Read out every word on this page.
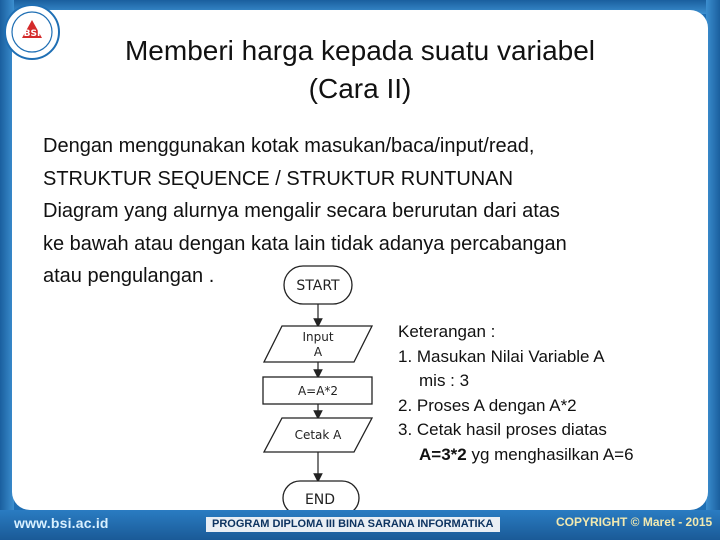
BSI
Memberi harga kepada suatu variabel
(Cara II)
Dengan menggunakan kotak masukan/baca/input/read,
STRUKTUR SEQUENCE / STRUKTUR RUNTUNAN
Diagram yang alurnya mengalir secara berurutan dari atas
ke bawah atau dengan kata lain tidak adanya percabangan
atau pengulangan .	START
Input
A
A=A*2
Cetak A
END
Keterangan :
1. Masukan Nilai Variable A
mis : 3
2. Proses A dengan A*2
3. Cetak hasil proses diatas
A=3*2 yg menghasilkan A=6
www.bsi.ac.id	PROGRAM DIPLOMA III BINA SARANA INFORMATIKA	COPYRIGHT © Maret - 2015
